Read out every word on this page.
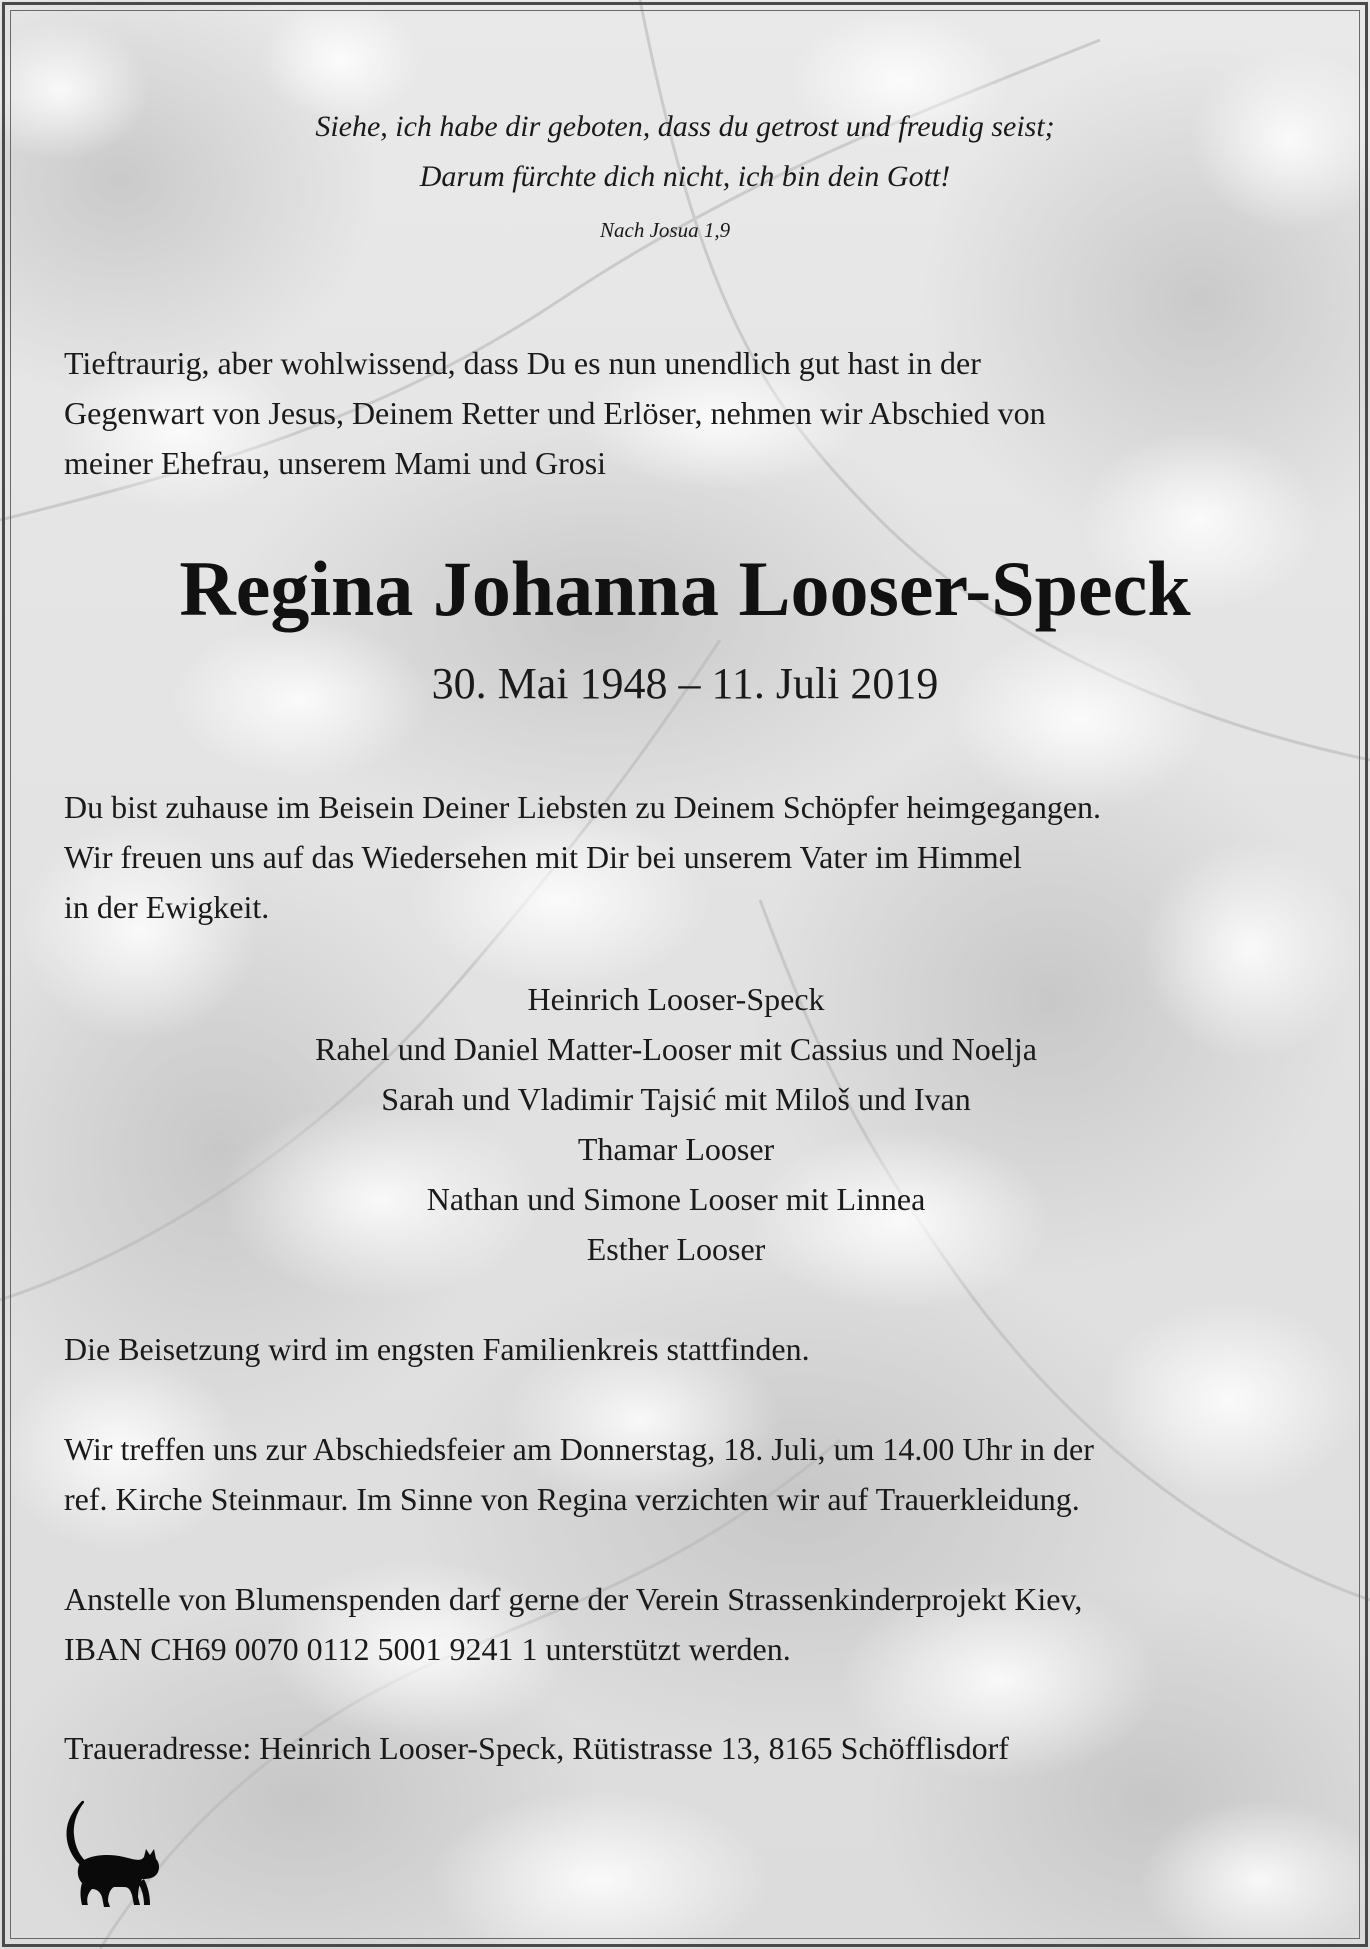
Siehe, ich habe dir geboten, dass du getrost und freudig seist;
Darum fürchte dich nicht, ich bin dein Gott!
Nach Josua 1,9
Tieftraurig, aber wohlwissend, dass Du es nun unendlich gut hast in der
Gegenwart von Jesus, Deinem Retter und Erlöser, nehmen wir Abschied von
meiner Ehefrau, unserem Mami und Grosi
Regina Johanna Looser-Speck
30. Mai 1948 – 11. Juli 2019
Du bist zuhause im Beisein Deiner Liebsten zu Deinem Schöpfer heimgegangen.
Wir freuen uns auf das Wiedersehen mit Dir bei unserem Vater im Himmel
in der Ewigkeit.
Heinrich Looser-Speck
Rahel und Daniel Matter-Looser mit Cassius und Noelja
Sarah und Vladimir Tajsić mit Miloš und Ivan
Thamar Looser
Nathan und Simone Looser mit Linnea
Esther Looser
Die Beisetzung wird im engsten Familienkreis stattfinden.
Wir treffen uns zur Abschiedsfeier am Donnerstag, 18. Juli, um 14.00 Uhr in der
ref. Kirche Steinmaur. Im Sinne von Regina verzichten wir auf Trauerkleidung.
Anstelle von Blumenspenden darf gerne der Verein Strassenkinderprojekt Kiev,
IBAN CH69 0070 0112 5001 9241 1 unterstützt werden.
Traueradresse: Heinrich Looser-Speck, Rütistrasse 13, 8165 Schöfflisdorf
